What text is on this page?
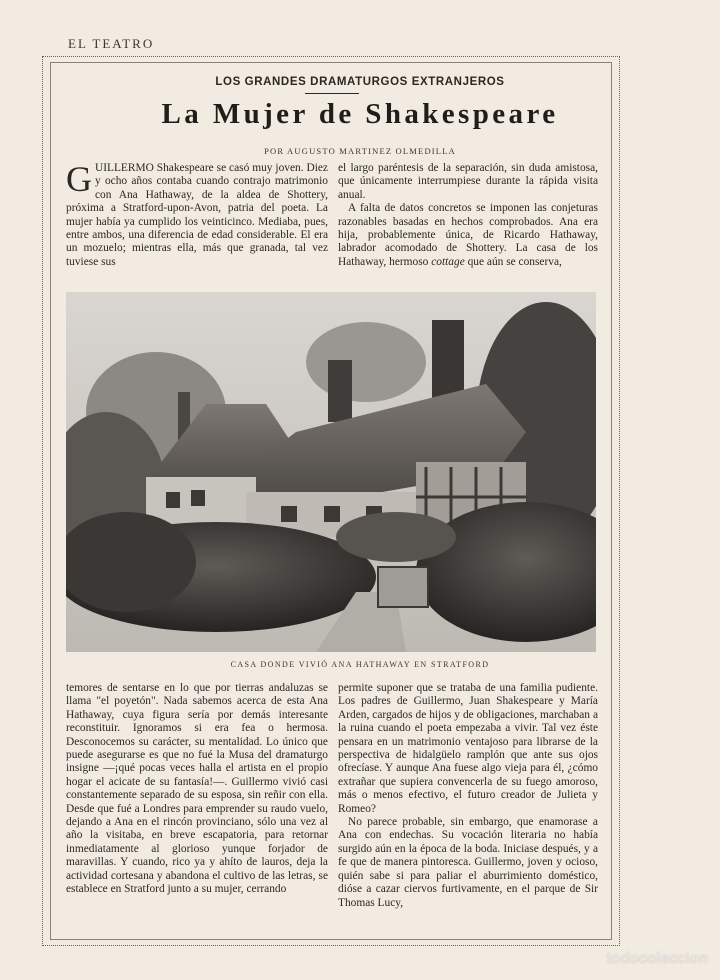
EL TEATRO
LOS GRANDES DRAMATURGOS EXTRANJEROS
La Mujer de Shakespeare
POR AUGUSTO MARTINEZ OLMEDILLA

GUILLERMO Shakespeare se casó muy joven. Diez y ocho años contaba cuando contrajo matrimonio con Ana Hathaway, de la aldea de Shottery, próxima a Stratford-upon-Avon, patria del poeta. La mujer había ya cumplido los veinticinco. Mediaba, pues, entre ambos, una diferencia de edad considerable. El era un mozuelo; mientras ella, más que granada, tal vez tuviese sus

el largo paréntesis de la separación, sin duda amistosa, que únicamente interrumpiese durante la rápida visita anual.

A falta de datos concretos se imponen las conjeturas razonables basadas en hechos comprobados. Ana era hija, probablemente única, de Ricardo Hathaway, labrador acomodado de Shottery. La casa de los Hathaway, hermoso cottage que aún se conserva,

CASA DONDE VIVIÓ ANA HATHAWAY EN STRATFORD

temores de sentarse en lo que por tierras andaluzas se llama "el poyetón". Nada sabemos acerca de esta Ana Hathaway, cuya figura sería por demás interesante reconstituir. Ignoramos si era fea o hermosa. Desconocemos su carácter, su mentalidad. Lo único que puede asegurarse es que no fué la Musa del dramaturgo insigne —¡qué pocas veces halla el artista en el propio hogar el acicate de su fantasía!—. Guillermo vivió casi constantemente separado de su esposa, sin reñir con ella. Desde que fué a Londres para emprender su raudo vuelo, dejando a Ana en el rincón provinciano, sólo una vez al año la visitaba, en breve escapatoria, para retornar inmediatamente al glorioso yunque forjador de maravillas. Y cuando, rico ya y ahíto de lauros, deja la actividad cortesana y abandona el cultivo de las letras, se establece en Stratford junto a su mujer, cerrando

permite suponer que se trataba de una familia pudiente. Los padres de Guillermo, Juan Shakespeare y María Arden, cargados de hijos y de obligaciones, marchaban a la ruina cuando el poeta empezaba a vivir. Tal vez éste pensara en un matrimonio ventajoso para librarse de la perspectiva de hidalgüelo ramplón que ante sus ojos ofrecíase. Y aunque Ana fuese algo vieja para él, ¿cómo extrañar que supiera convencerla de su fuego amoroso, más o menos efectivo, el futuro creador de Julieta y Romeo?

No parece probable, sin embargo, que enamorase a Ana con endechas. Su vocación literaria no había surgido aún en la época de la boda. Iniciase después, y a fe que de manera pintoresca. Guillermo, joven y ocioso, quién sabe si para paliar el aburrimiento doméstico, dióse a cazar ciervos furtivamente, en el parque de Sir Thomas Lucy,

todocoleccion
